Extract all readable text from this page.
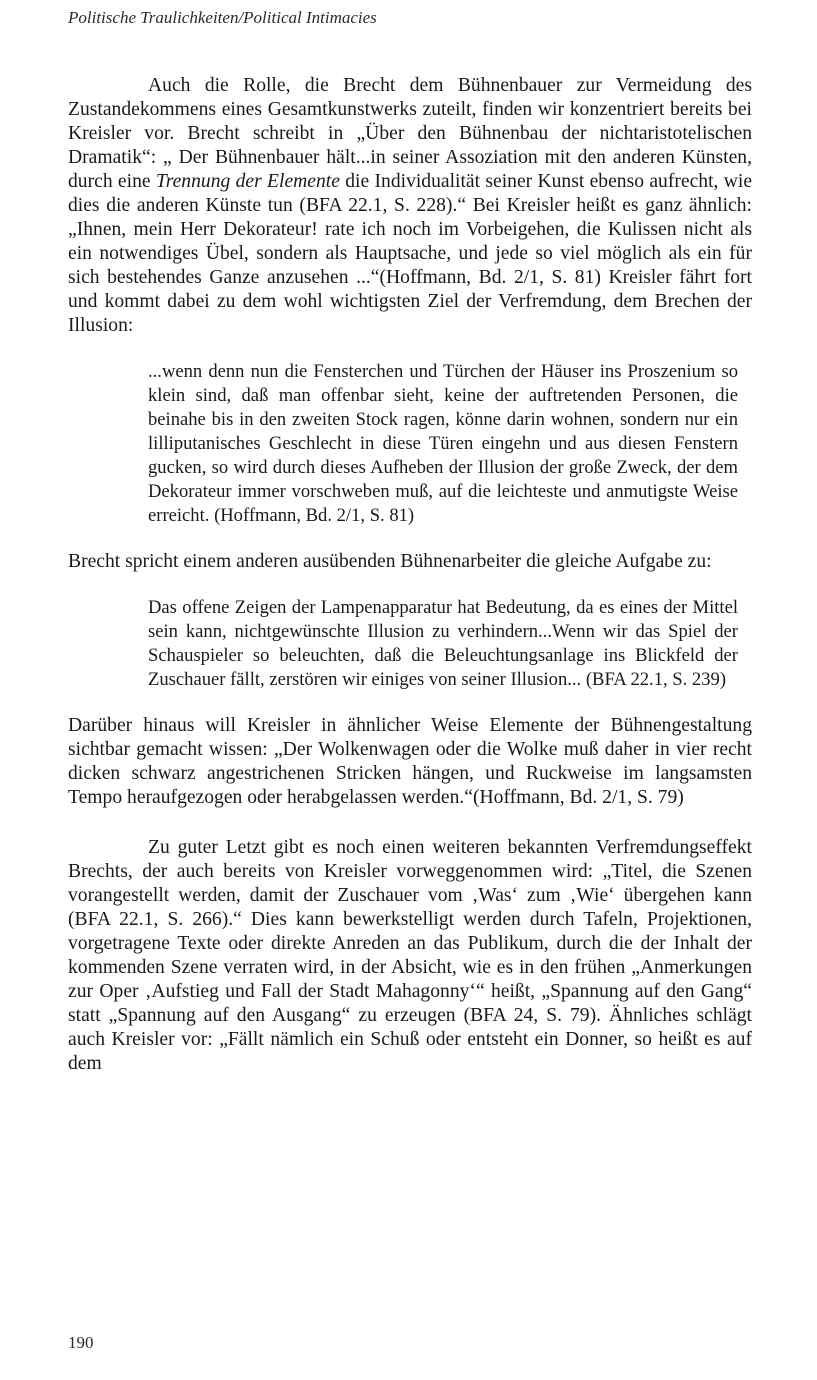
Politische Traulichkeiten/Political Intimacies

Auch die Rolle, die Brecht dem Bühnenbauer zur Vermeidung des Zustandekommens eines Gesamtkunstwerks zuteilt, finden wir konzentriert bereits bei Kreisler vor. Brecht schreibt in „Über den Bühnenbau der nichtaristotelischen Dramatik“: „ Der Bühnenbauer hält...in seiner Assoziation mit den anderen Künsten, durch eine Trennung der Elemente die Individualität seiner Kunst ebenso aufrecht, wie dies die anderen Künste tun (BFA 22.1, S. 228).“ Bei Kreisler heißt es ganz ähnlich: „Ihnen, mein Herr Dekorateur! rate ich noch im Vorbeigehen, die Kulissen nicht als ein notwendiges Übel, sondern als Hauptsache, und jede so viel möglich als ein für sich bestehendes Ganze anzusehen ...“(Hoffmann, Bd. 2/1, S. 81) Kreisler fährt fort und kommt dabei zu dem wohl wichtigsten Ziel der Verfremdung, dem Brechen der Illusion:

...wenn denn nun die Fensterchen und Türchen der Häuser ins Proszenium so klein sind, daß man offenbar sieht, keine der auftretenden Personen, die beinahe bis in den zweiten Stock ragen, könne darin wohnen, sondern nur ein lilliputanisches Geschlecht in diese Türen eingehn und aus diesen Fenstern gucken, so wird durch dieses Aufheben der Illusion der große Zweck, der dem Dekorateur immer vorschweben muß, auf die leichteste und anmutigste Weise erreicht. (Hoffmann, Bd. 2/1, S. 81)

Brecht spricht einem anderen ausübenden Bühnenarbeiter die gleiche Aufgabe zu:

Das offene Zeigen der Lampenapparatur hat Bedeutung, da es eines der Mittel sein kann, nichtgewünschte Illusion zu verhindern...Wenn wir das Spiel der Schauspieler so beleuchten, daß die Beleuchtungsanlage ins Blickfeld der Zuschauer fällt, zerstören wir einiges von seiner Illusion... (BFA 22.1, S. 239)

Darüber hinaus will Kreisler in ähnlicher Weise Elemente der Bühnengestaltung sichtbar gemacht wissen: „Der Wolkenwagen oder die Wolke muß daher in vier recht dicken schwarz angestrichenen Stricken hängen, und Ruckweise im langsamsten Tempo heraufgezogen oder herabgelassen werden.“(Hoffmann, Bd. 2/1, S. 79)

Zu guter Letzt gibt es noch einen weiteren bekannten Verfremdungseffekt Brechts, der auch bereits von Kreisler vorweggenommen wird: „Titel, die Szenen vorangestellt werden, damit der Zuschauer vom ‚Was‘ zum ‚Wie‘ übergehen kann (BFA 22.1, S. 266).“ Dies kann bewerkstelligt werden durch Tafeln, Projektionen, vorgetragene Texte oder direkte Anreden an das Publikum, durch die der Inhalt der kommenden Szene verraten wird, in der Absicht, wie es in den frühen „Anmerkungen zur Oper ‚Aufstieg und Fall der Stadt Mahagonny‘“ heißt, „Spannung auf den Gang“ statt „Spannung auf den Ausgang“ zu erzeugen (BFA 24, S. 79). Ähnliches schlägt auch Kreisler vor: „Fällt nämlich ein Schuß oder entsteht ein Donner, so heißt es auf dem

190
